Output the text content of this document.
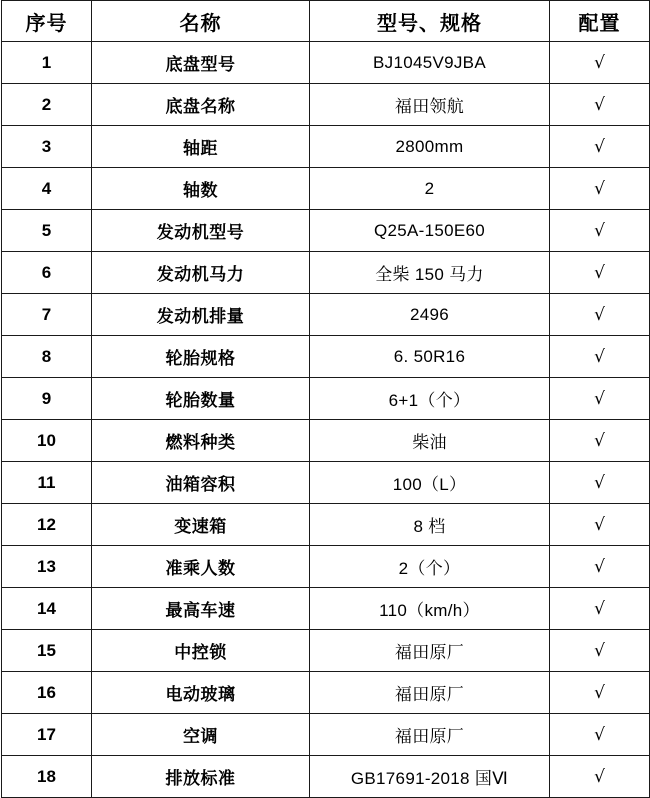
序号	名称	型号、规格	配置
1	底盘型号	BJ1045V9JBA	√
2	底盘名称	福田领航	√
3	轴距	2800mm	√
4	轴数	2	√
5	发动机型号	Q25A-150E60	√
6	发动机马力	全柴 150 马力	√
7	发动机排量	2496	√
8	轮胎规格	6. 50R16	√
9	轮胎数量	6+1（个）	√
10	燃料种类	柴油	√
11	油箱容积	100（L）	√
12	变速箱	8 档	√
13	准乘人数	2（个）	√
14	最高车速	110（km/h）	√
15	中控锁	福田原厂	√
16	电动玻璃	福田原厂	√
17	空调	福田原厂	√
18	排放标准	GB17691-2018 国Ⅵ	√
